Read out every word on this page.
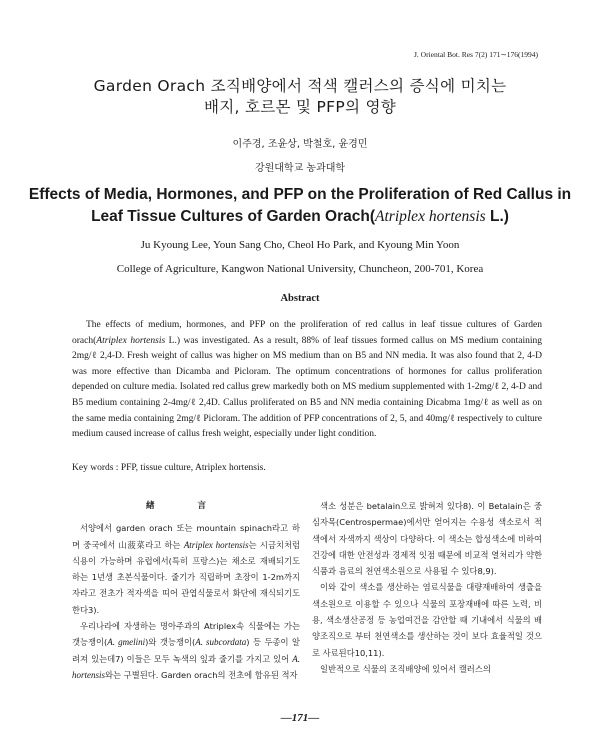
J. Oriental Bot. Res 7(2) 171∼176(1994)
Garden Orach 조직배양에서 적색 캘러스의 증식에 미치는
배지, 호르몬 및 PFP의 영향
이주경, 조윤상, 박철호, 윤경민
강원대학교 농과대학
Effects of Media, Hormones, and PFP on the Proliferation of Red Callus in
Leaf Tissue Cultures of Garden Orach(Atriplex hortensis L.)
Ju Kyoung Lee, Youn Sang Cho, Cheol Ho Park, and Kyoung Min Yoon
College of Agriculture, Kangwon National University, Chuncheon, 200-701, Korea
Abstract
The effects of medium, hormones, and PFP on the proliferation of red callus in leaf tissue cultures of Garden orach(Atriplex hortensis L.) was investigated. As a result, 88% of leaf tissues formed callus on MS medium containing 2mg/ℓ 2,4-D. Fresh weight of callus was higher on MS medium than on B5 and NN media. It was also found that 2, 4-D was more effective than Dicamba and Picloram. The optimum concentrations of hormones for callus proliferation depended on culture media. Isolated red callus grew markedly both on MS medium supplemented with 1-2mg/ℓ 2, 4-D and B5 medium containing 2-4mg/ℓ 2,4D. Callus proliferated on B5 and NN media containing Dicabma 1mg/ℓ as well as on the same media containing 2mg/ℓ Picloram. The addition of PFP concentrations of 2, 5, and 40mg/ℓ respectively to culture medium caused increase of callus fresh weight, especially under light condition.
Key words : PFP, tissue culture, Atriplex hortensis.
緖 言

서양에서 garden orach 또는 mountain spinach라고 하며 중국에서 山菠菜라고 하는 Atriplex hortensis는 시금치처럼 식용이 가능하며 유럽에서(특히 프랑스)는 채소로 재배되기도 하는 1년생 초본식물이다. 줄기가 직립하며 초장이 1-2m까지 자라고 전초가 적자색을 띠어 관엽식물로서 화단에 재식되기도 한다3).

우리나라에 자생하는 명아주과의 Atriplex속 식물에는 가는갯능쟁이(A. gmelini)와 갯능쟁이(A. subcordata) 등 두종이 알려져 있는데7) 이들은 모두 녹색의 잎과 줄기를 가지고 있어 A. hortensis와는 구별된다. Garden orach의 전초에 함유된 적자

색소 성분은 betalain으로 밝혀져 있다8). 이 Betalain은 중심자목(Centrospermae)에서만 얻어지는 수용성 색소로서 적색에서 자색까지 색상이 다양하다. 이 색소는 합성색소에 비하여 건강에 대한 안전성과 경제적 잇점 때문에 비교적 열처리가 약한 식품과 음료의 천연색소원으로 사용될 수 있다8,9).

이와 같이 색소를 생산하는 염료식물을 대량재배하여 생출을 색소원으로 이용할 수 있으나 식물의 포장재배에 따른 노력, 비용, 색소생산공정 등 농업여건을 감안할 때 기내에서 식물의 배양조직으로 부터 천연색소를 생산하는 것이 보다 효율적일 것으로 사료된다10,11).

일반적으로 식물의 조직배양에 있어서 캘러스의

—171—
